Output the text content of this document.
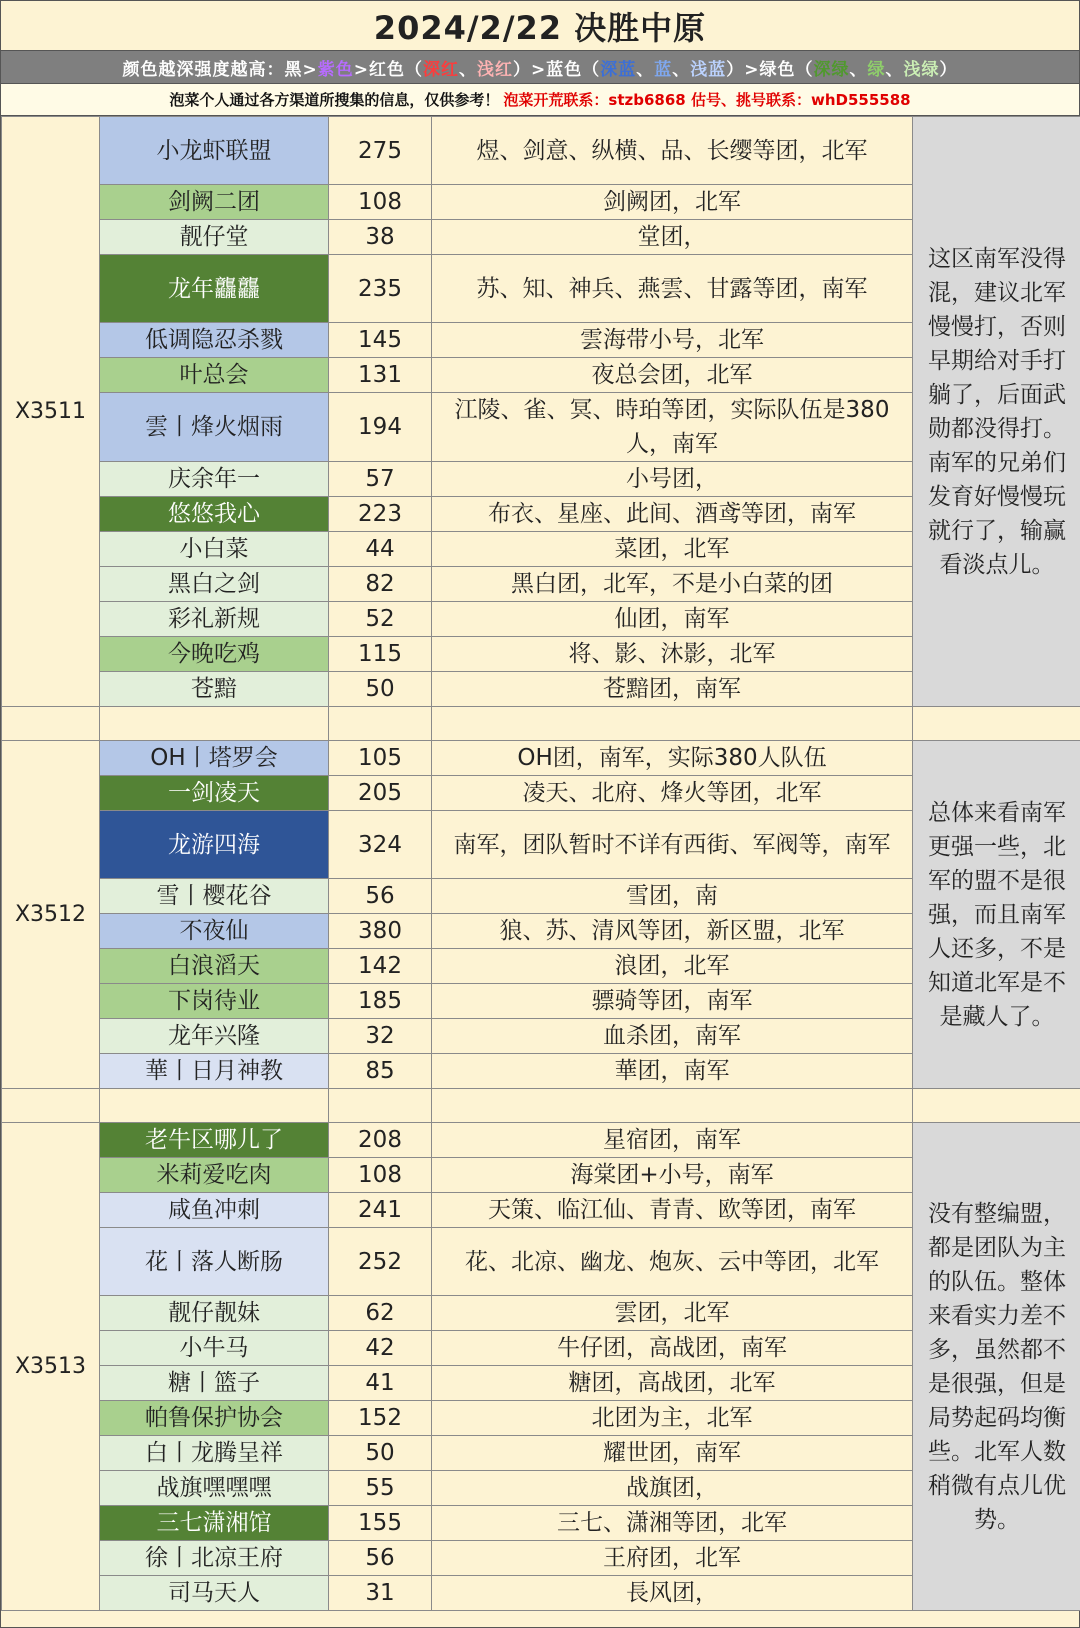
2024/2/22 决胜中原
颜色越深强度越高：黑> 紫色 >红色（ 深红 、 浅红 ）>蓝色（ 深蓝 、 蓝 、 浅蓝 ）>绿色（ 深绿 、 绿 、 浅绿 ）
泡菜个人通过各方渠道所搜集的信息，仅供参考！ 泡菜开荒联系：stzb6868 估号、挑号联系：whD555588
X3511	小龙虾联盟	275	煜、剑意、纵横、品、长缨等团，北军	这区南军没得混，建议北军慢慢打，否则早期给对手打躺了，后面武勋都没得打。南军的兄弟们发育好慢慢玩就行了，输赢看淡点儿。
	剑阙二团	108	剑阙团，北军	
	靓仔堂	38	堂团，	
	龙年龘龘	235	苏、知、神兵、燕雲、甘露等团，南军	
	低调隐忍杀戮	145	雲海带小号，北军	
	叶总会	131	夜总会团，北军	
	雲丨烽火烟雨	194	江陵、雀、冥、時珀等团，实际队伍是380人，南军	
	庆余年一	57	小号团，	
	悠悠我心	223	布衣、星座、此间、酒鸢等团，南军	
	小白菜	44	菜团，北军	
	黑白之剑	82	黑白团，北军，不是小白菜的团	
	彩礼新规	52	仙团，南军	
	今晚吃鸡	115	将、影、沐影，北军	
	苍黯	50	苍黯团，南军	

X3512	OH丨塔罗会	105	OH团，南军，实际380人队伍	总体来看南军更强一些，北军的盟不是很强，而且南军人还多，不是知道北军是不是藏人了。
	一剑凌天	205	凌天、北府、烽火等团，北军	
	龙游四海	324	南军，团队暂时不详有西街、军阀等，南军	
	雪丨樱花谷	56	雪团，南	
	不夜仙	380	狼、苏、清风等团，新区盟，北军	
	白浪滔天	142	浪团，北军	
	下岗待业	185	骠骑等团，南军	
	龙年兴隆	32	血杀团，南军	
	華丨日月神教	85	華团，南军	

X3513	老牛区哪儿了	208	星宿团，南军	没有整编盟，都是团队为主的队伍。整体来看实力差不多，虽然都不是很强，但是局势起码均衡些。北军人数稍微有点儿优势。
	米莉爱吃肉	108	海棠团+小号，南军	
	咸鱼冲刺	241	天策、临江仙、青青、欧等团，南军	
	花丨落人断肠	252	花、北凉、幽龙、炮灰、云中等团，北军	
	靓仔靓妹	62	雲团，北军	
	小牛马	42	牛仔团，高战团，南军	
	糖丨篮子	41	糖团，高战团，北军	
	帕鲁保护协会	152	北团为主，北军	
	白丨龙腾呈祥	50	耀世团，南军	
	战旗嘿嘿嘿	55	战旗团，	
	三七潇湘馆	155	三七、潇湘等团，北军	
	徐丨北凉王府	56	王府团，北军	
	司马天人	31	長风团，	
